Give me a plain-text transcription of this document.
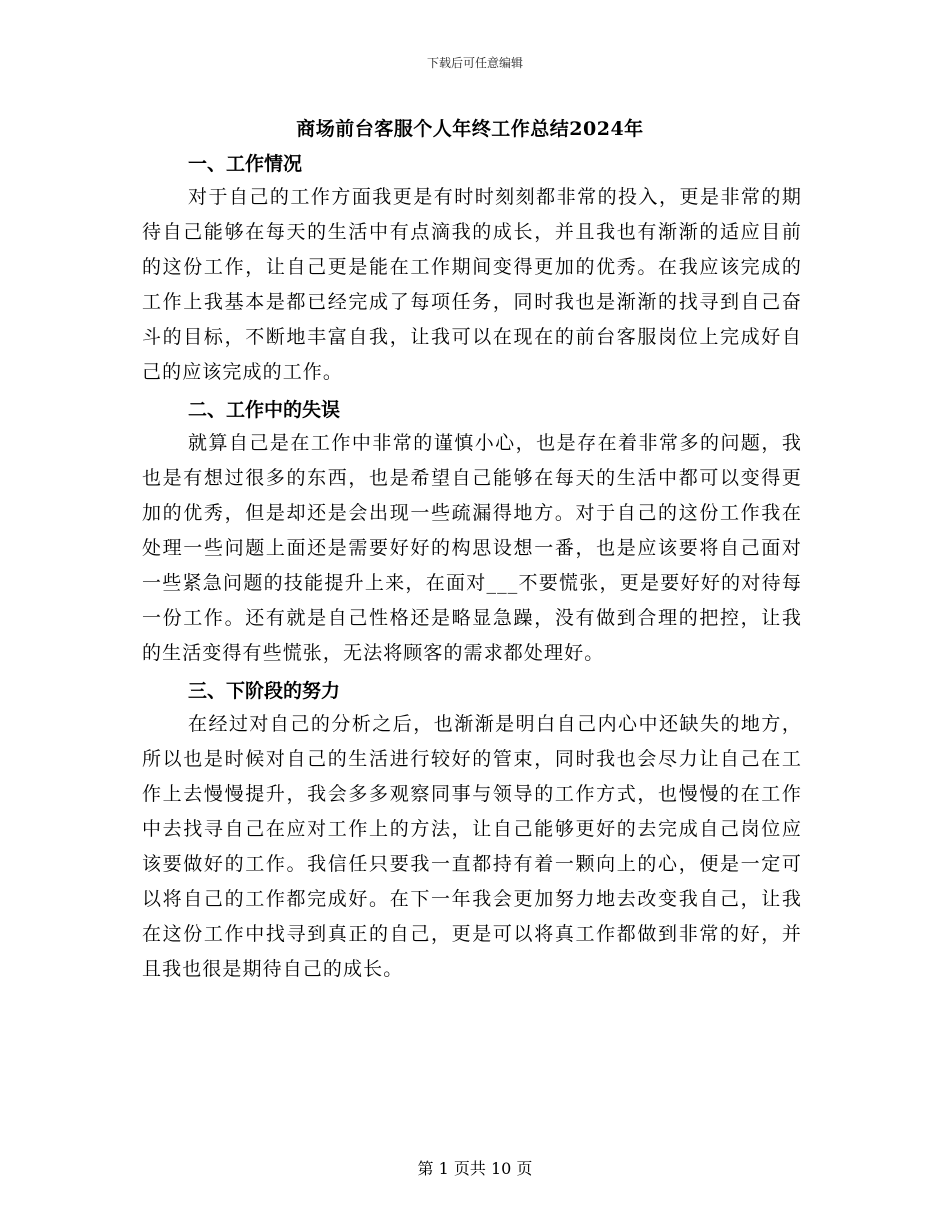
下载后可任意编辑
商场前台客服个人年终工作总结2024年
一、工作情况

对于自己的工作方面我更是有时时刻刻都非常的投入，更是非常的期待自己能够在每天的生活中有点滴我的成长，并且我也有渐渐的适应目前的这份工作，让自己更是能在工作期间变得更加的优秀。在我应该完成的工作上我基本是都已经完成了每项任务，同时我也是渐渐的找寻到自己奋斗的目标，不断地丰富自我，让我可以在现在的前台客服岗位上完成好自己的应该完成的工作。

二、工作中的失误

就算自己是在工作中非常的谨慎小心，也是存在着非常多的问题，我也是有想过很多的东西，也是希望自己能够在每天的生活中都可以变得更加的优秀，但是却还是会出现一些疏漏得地方。对于自己的这份工作我在处理一些问题上面还是需要好好的构思设想一番，也是应该要将自己面对一些紧急问题的技能提升上来，在面对___不要慌张，更是要好好的对待每一份工作。还有就是自己性格还是略显急躁，没有做到合理的把控，让我的生活变得有些慌张，无法将顾客的需求都处理好。

三、下阶段的努力

在经过对自己的分析之后，也渐渐是明白自己内心中还缺失的地方，所以也是时候对自己的生活进行较好的管束，同时我也会尽力让自己在工作上去慢慢提升，我会多多观察同事与领导的工作方式，也慢慢的在工作中去找寻自己在应对工作上的方法，让自己能够更好的去完成自己岗位应该要做好的工作。我信任只要我一直都持有着一颗向上的心，便是一定可以将自己的工作都完成好。在下一年我会更加努力地去改变我自己，让我在这份工作中找寻到真正的自己，更是可以将真工作都做到非常的好，并且我也很是期待自己的成长。

第 1 页共 10 页
